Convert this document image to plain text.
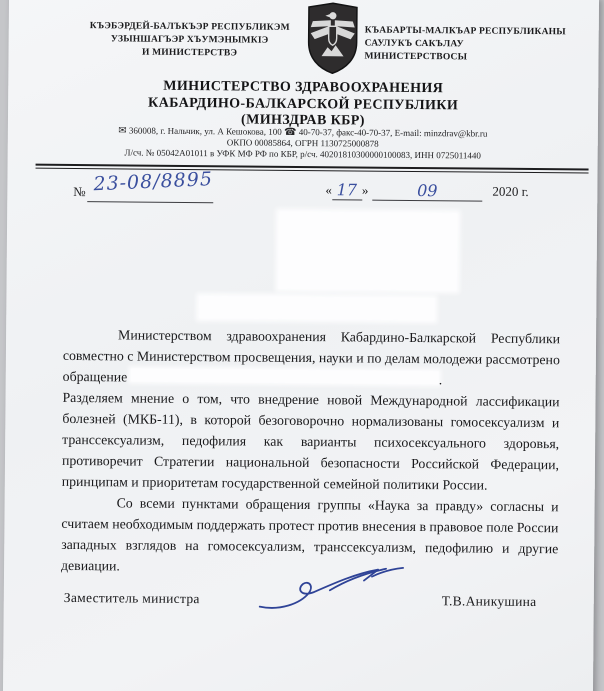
КЪЭБЭРДЕЙ-БАЛЪКЪЭР РЕСПУБЛИКЭМ
УЗЫНШАГЪЭР ХЪУМЭНЫМКIЭ
И МИНИСТЕРСТВЭ
КЪАБАРТЫ-МАЛКЪАР РЕСПУБЛИКАНЫ
САУЛУКЪ САКЪЛАУ
МИНИСТЕРСТВОСЫ
МИНИСТЕРСТВО ЗДРАВООХРАНЕНИЯ
КАБАРДИНО-БАЛКАРСКОЙ РЕСПУБЛИКИ
(МИНЗДРАВ КБР)
✉ 360008, г. Нальчик, ул. А Кешокова, 100 ☎ 40-70-37, факс-40-70-37, E-mail: minzdrav@kbr.ru
ОКПО 00085864, ОГРН 1130725000878
Л/сч. № 05042А01011 в УФК МФ РФ по КБР, р/сч. 40201810300000100083, ИНН 0725011440
№ 23-08/8895	« 17 »	09	2020 г.

Министерством здравоохранения Кабардино-Балкарской Республики совместно с Министерством просвещения, науки и по делам молодежи рассмотрено обращение	.

Разделяем мнение о том, что внедрение новой Международной лассификации болезней (МКБ-11), в которой безоговорочно нормализованы гомосексуализм и транссексуализм, педофилия как варианты психосексуального здоровья, противоречит Стратегии национальной безопасности Российской Федерации, принципам и приоритетам государственной семейной политики России.

Со всеми пунктами обращения группы «Наука за правду» согласны и считаем необходимым поддержать протест против внесения в правовое поле России западных взглядов на гомосексуализм, транссексуализм, педофилию и другие девиации.

Заместитель министра	Т.В.Аникушина
